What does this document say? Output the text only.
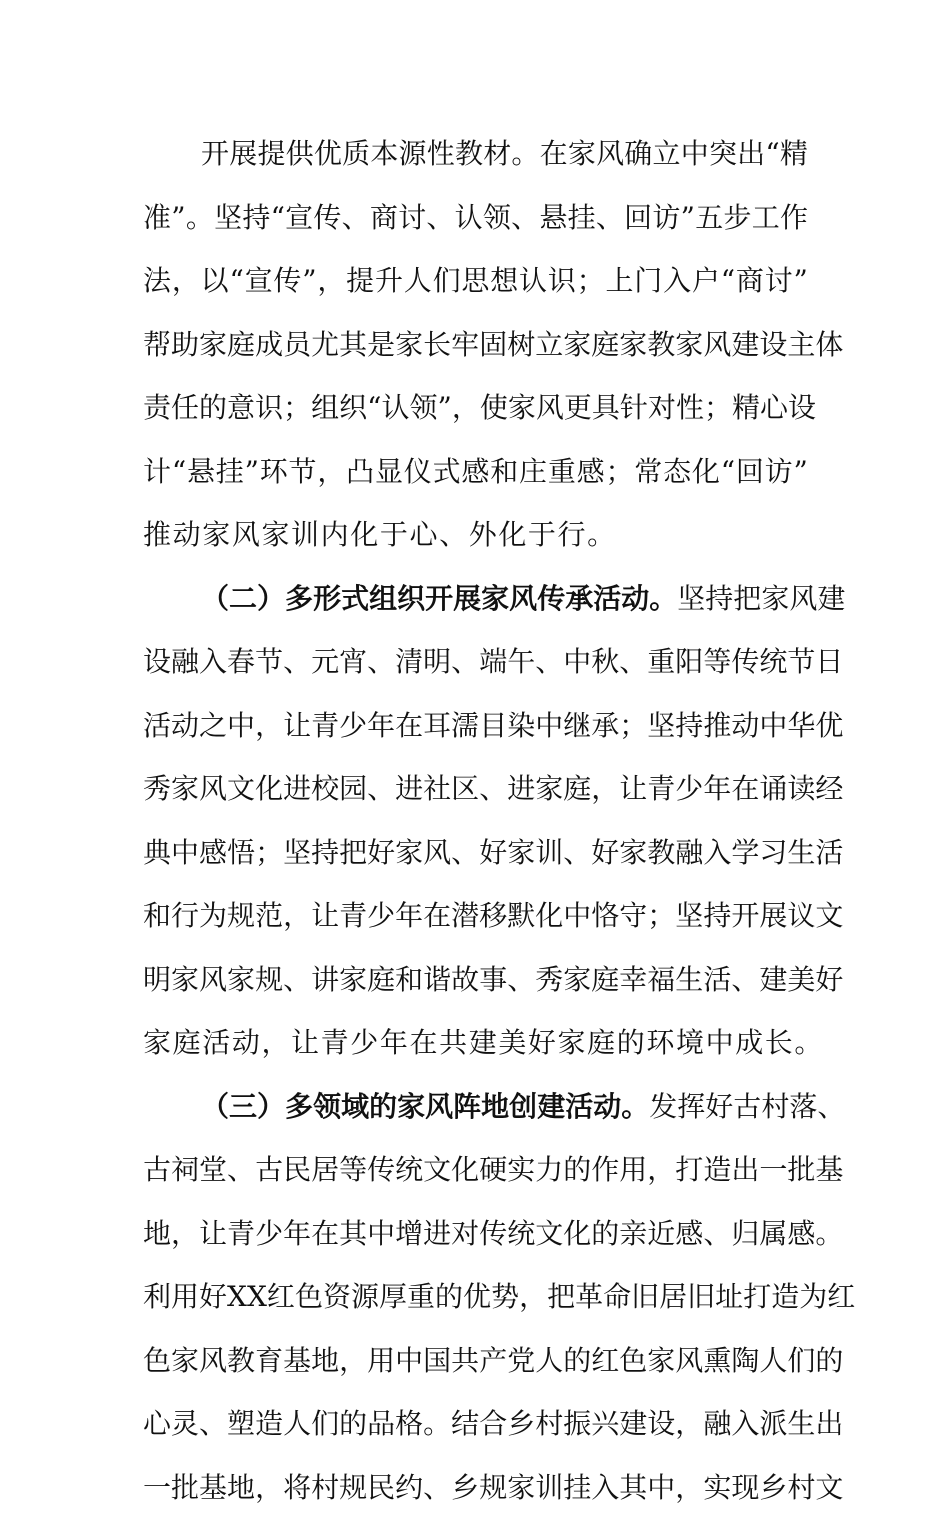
开 展 提 供 优 质 本 源 性 教 材 。 在 家 风 确 立 中 突 出 “ 精
准 ” 。 坚 持 “ 宣 传 、 商 讨 、 认 领 、 悬 挂 、 回 访 ” 五 步 工 作
法 ， 以 “ 宣 传 ” ， 提 升 人 们 思 想 认 识 ； 上 门 入 户 “ 商 讨 ”
帮 助 家 庭 成 员 尤 其 是 家 长 牢 固 树 立 家 庭 家 教 家 风 建 设 主 体
责 任 的 意 识 ； 组 织 “ 认 领 ” ， 使 家 风 更 具 针 对 性 ； 精 心 设
计 “ 悬 挂 ” 环 节 ， 凸 显 仪 式 感 和 庄 重 感 ； 常 态 化 “ 回 访 ”
推 动 家 风 家 训 内 化 于 心 、 外 化 于 行 。
（ 二 ） 多 形 式 组 织 开 展 家 风 传 承 活 动 。 坚 持 把 家 风 建
设 融 入 春 节 、 元 宵 、 清 明 、 端 午 、 中 秋 、 重 阳 等 传 统 节 日
活 动 之 中 ， 让 青 少 年 在 耳 濡 目 染 中 继 承 ； 坚 持 推 动 中 华 优
秀 家 风 文 化 进 校 园 、 进 社 区 、 进 家 庭 ， 让 青 少 年 在 诵 读 经
典 中 感 悟 ； 坚 持 把 好 家 风 、 好 家 训 、 好 家 教 融 入 学 习 生 活
和 行 为 规 范 ， 让 青 少 年 在 潜 移 默 化 中 恪 守 ； 坚 持 开 展 议 文
明 家 风 家 规 、 讲 家 庭 和 谐 故 事 、 秀 家 庭 幸 福 生 活 、 建 美 好
家 庭 活 动 ， 让 青 少 年 在 共 建 美 好 家 庭 的 环 境 中 成 长 。
（ 三 ） 多 领 域 的 家 风 阵 地 创 建 活 动 。 发 挥 好 古 村 落 、
古 祠 堂 、 古 民 居 等 传 统 文 化 硬 实 力 的 作 用 ， 打 造 出 一 批 基
地 ， 让 青 少 年 在 其 中 增 进 对 传 统 文 化 的 亲 近 感 、 归 属 感 。
利 用 好 X X 红 色 资 源 厚 重 的 优 势 ， 把 革 命 旧 居 旧 址 打 造 为 红
色 家 风 教 育 基 地 ， 用 中 国 共 产 党 人 的 红 色 家 风 熏 陶 人 们 的
心 灵 、 塑 造 人 们 的 品 格 。 结 合 乡 村 振 兴 建 设 ， 融 入 派 生 出
一 批 基 地 ， 将 村 规 民 约 、 乡 规 家 训 挂 入 其 中 ， 实 现 乡 村 文
